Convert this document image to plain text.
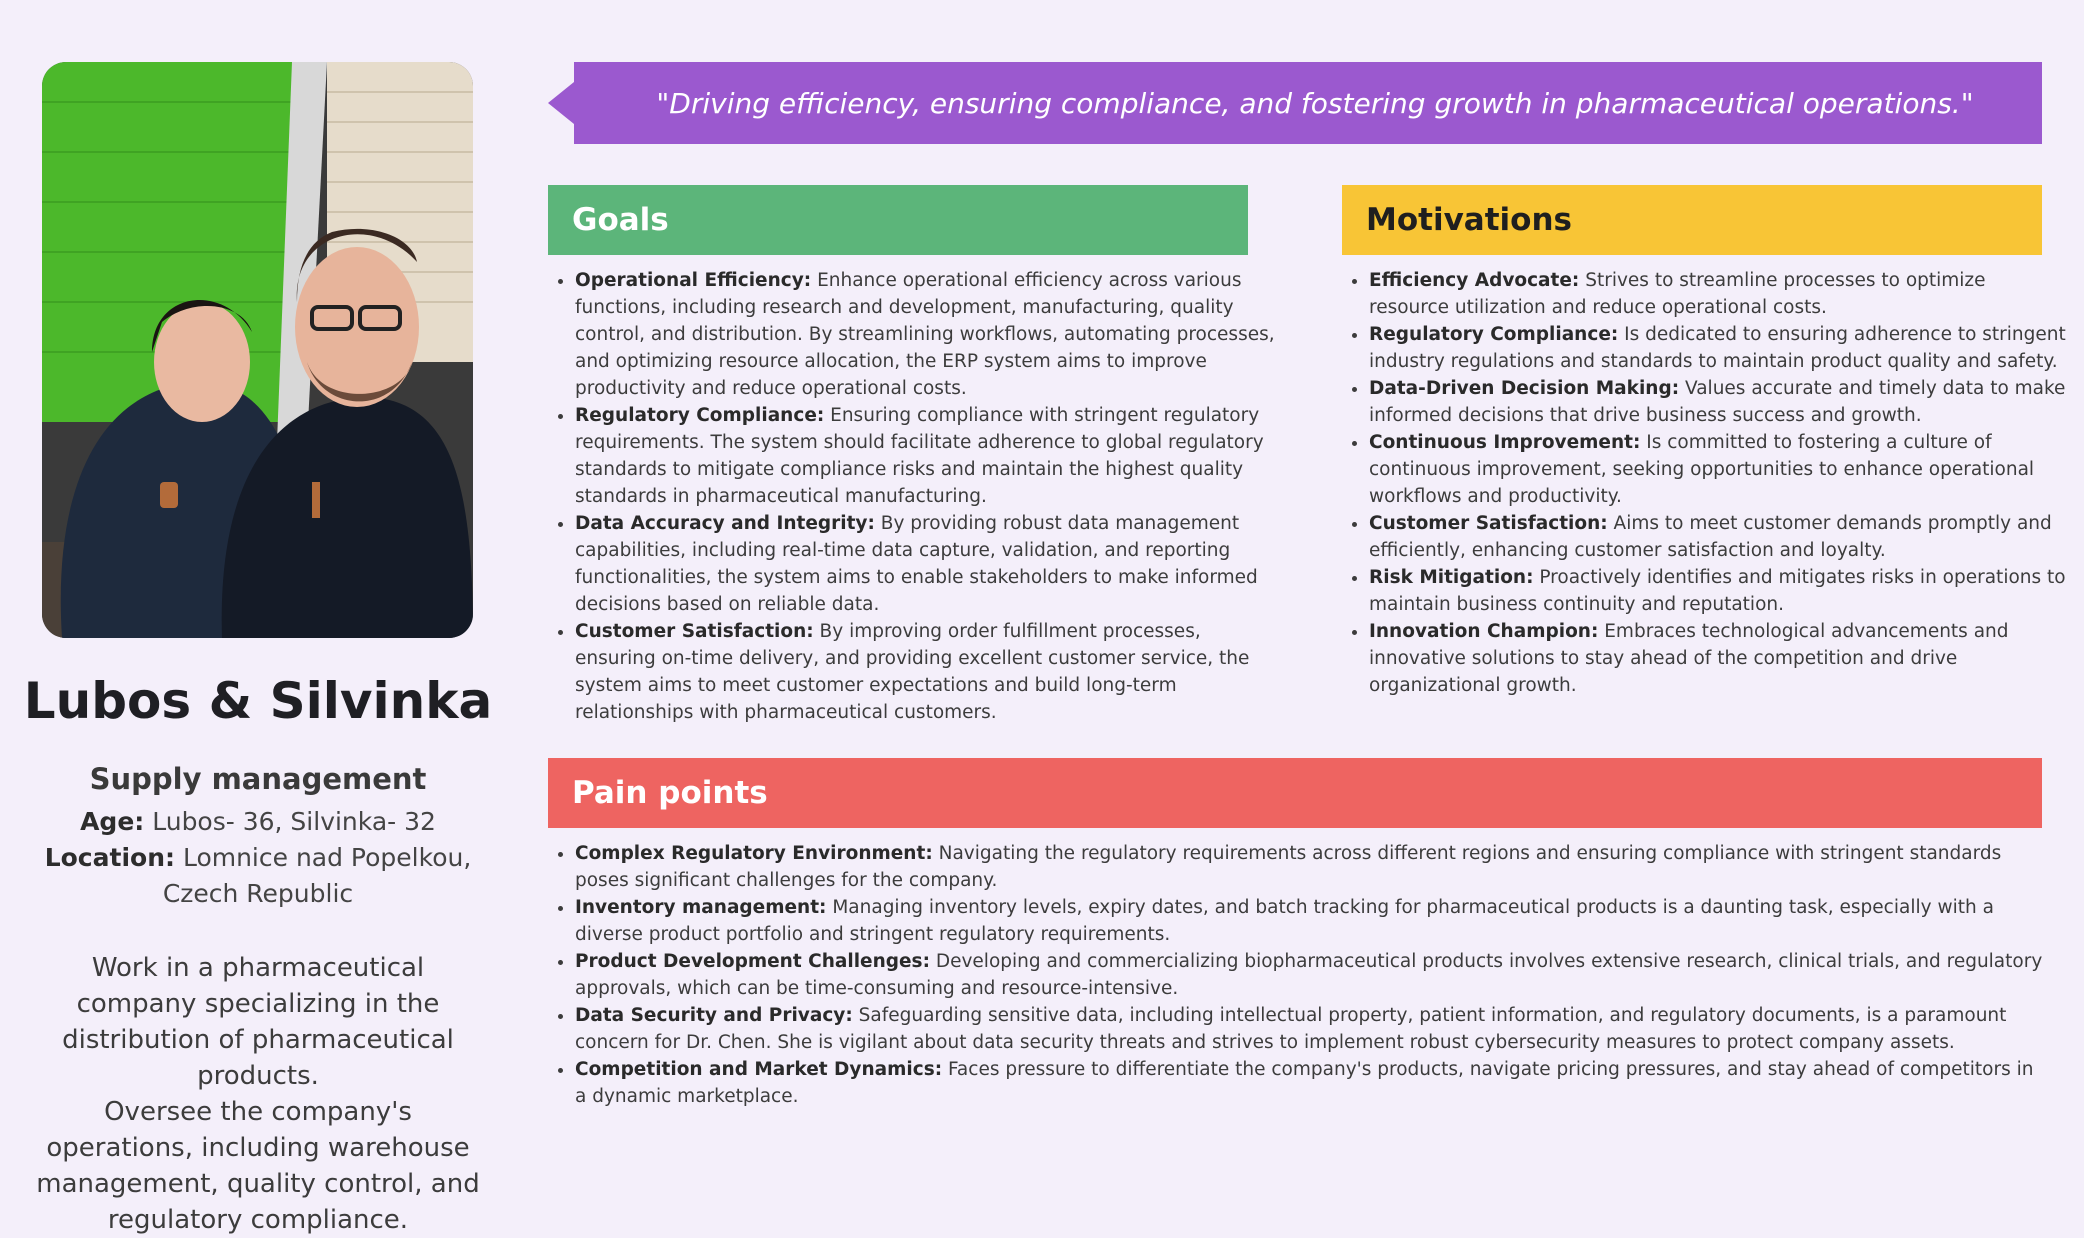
Lubos & Silvinka
Supply management
Age: Lubos- 36, Silvinka- 32
Location: Lomnice nad Popelkou, Czech Republic

Work in a pharmaceutical company specializing in the distribution of pharmaceutical products.

Oversee the company's operations, including warehouse management, quality control, and regulatory compliance.

"Driving efficiency, ensuring compliance, and fostering growth in pharmaceutical operations."
Goals
• Operational Efficiency: Enhance operational efficiency across various functions, including research and development, manufacturing, quality control, and distribution. By streamlining workflows, automating processes, and optimizing resource allocation, the ERP system aims to improve productivity and reduce operational costs.
• Regulatory Compliance: Ensuring compliance with stringent regulatory requirements. The system should facilitate adherence to global regulatory standards to mitigate compliance risks and maintain the highest quality standards in pharmaceutical manufacturing.
• Data Accuracy and Integrity: By providing robust data management capabilities, including real-time data capture, validation, and reporting functionalities, the system aims to enable stakeholders to make informed decisions based on reliable data.
• Customer Satisfaction: By improving order fulfillment processes, ensuring on-time delivery, and providing excellent customer service, the system aims to meet customer expectations and build long-term relationships with pharmaceutical customers.
Motivations
• Efficiency Advocate: Strives to streamline processes to optimize resource utilization and reduce operational costs.
• Regulatory Compliance: Is dedicated to ensuring adherence to stringent industry regulations and standards to maintain product quality and safety.
• Data-Driven Decision Making: Values accurate and timely data to make informed decisions that drive business success and growth.
• Continuous Improvement: Is committed to fostering a culture of continuous improvement, seeking opportunities to enhance operational workflows and productivity.
• Customer Satisfaction: Aims to meet customer demands promptly and efficiently, enhancing customer satisfaction and loyalty.
• Risk Mitigation: Proactively identifies and mitigates risks in operations to maintain business continuity and reputation.
• Innovation Champion: Embraces technological advancements and innovative solutions to stay ahead of the competition and drive organizational growth.
Pain points
• Complex Regulatory Environment: Navigating the regulatory requirements across different regions and ensuring compliance with stringent standards poses significant challenges for the company.
• Inventory management: Managing inventory levels, expiry dates, and batch tracking for pharmaceutical products is a daunting task, especially with a diverse product portfolio and stringent regulatory requirements.
• Product Development Challenges: Developing and commercializing biopharmaceutical products involves extensive research, clinical trials, and regulatory approvals, which can be time-consuming and resource-intensive.
• Data Security and Privacy: Safeguarding sensitive data, including intellectual property, patient information, and regulatory documents, is a paramount concern for Dr. Chen. She is vigilant about data security threats and strives to implement robust cybersecurity measures to protect company assets.
• Competition and Market Dynamics: Faces pressure to differentiate the company's products, navigate pricing pressures, and stay ahead of competitors in a dynamic marketplace.
